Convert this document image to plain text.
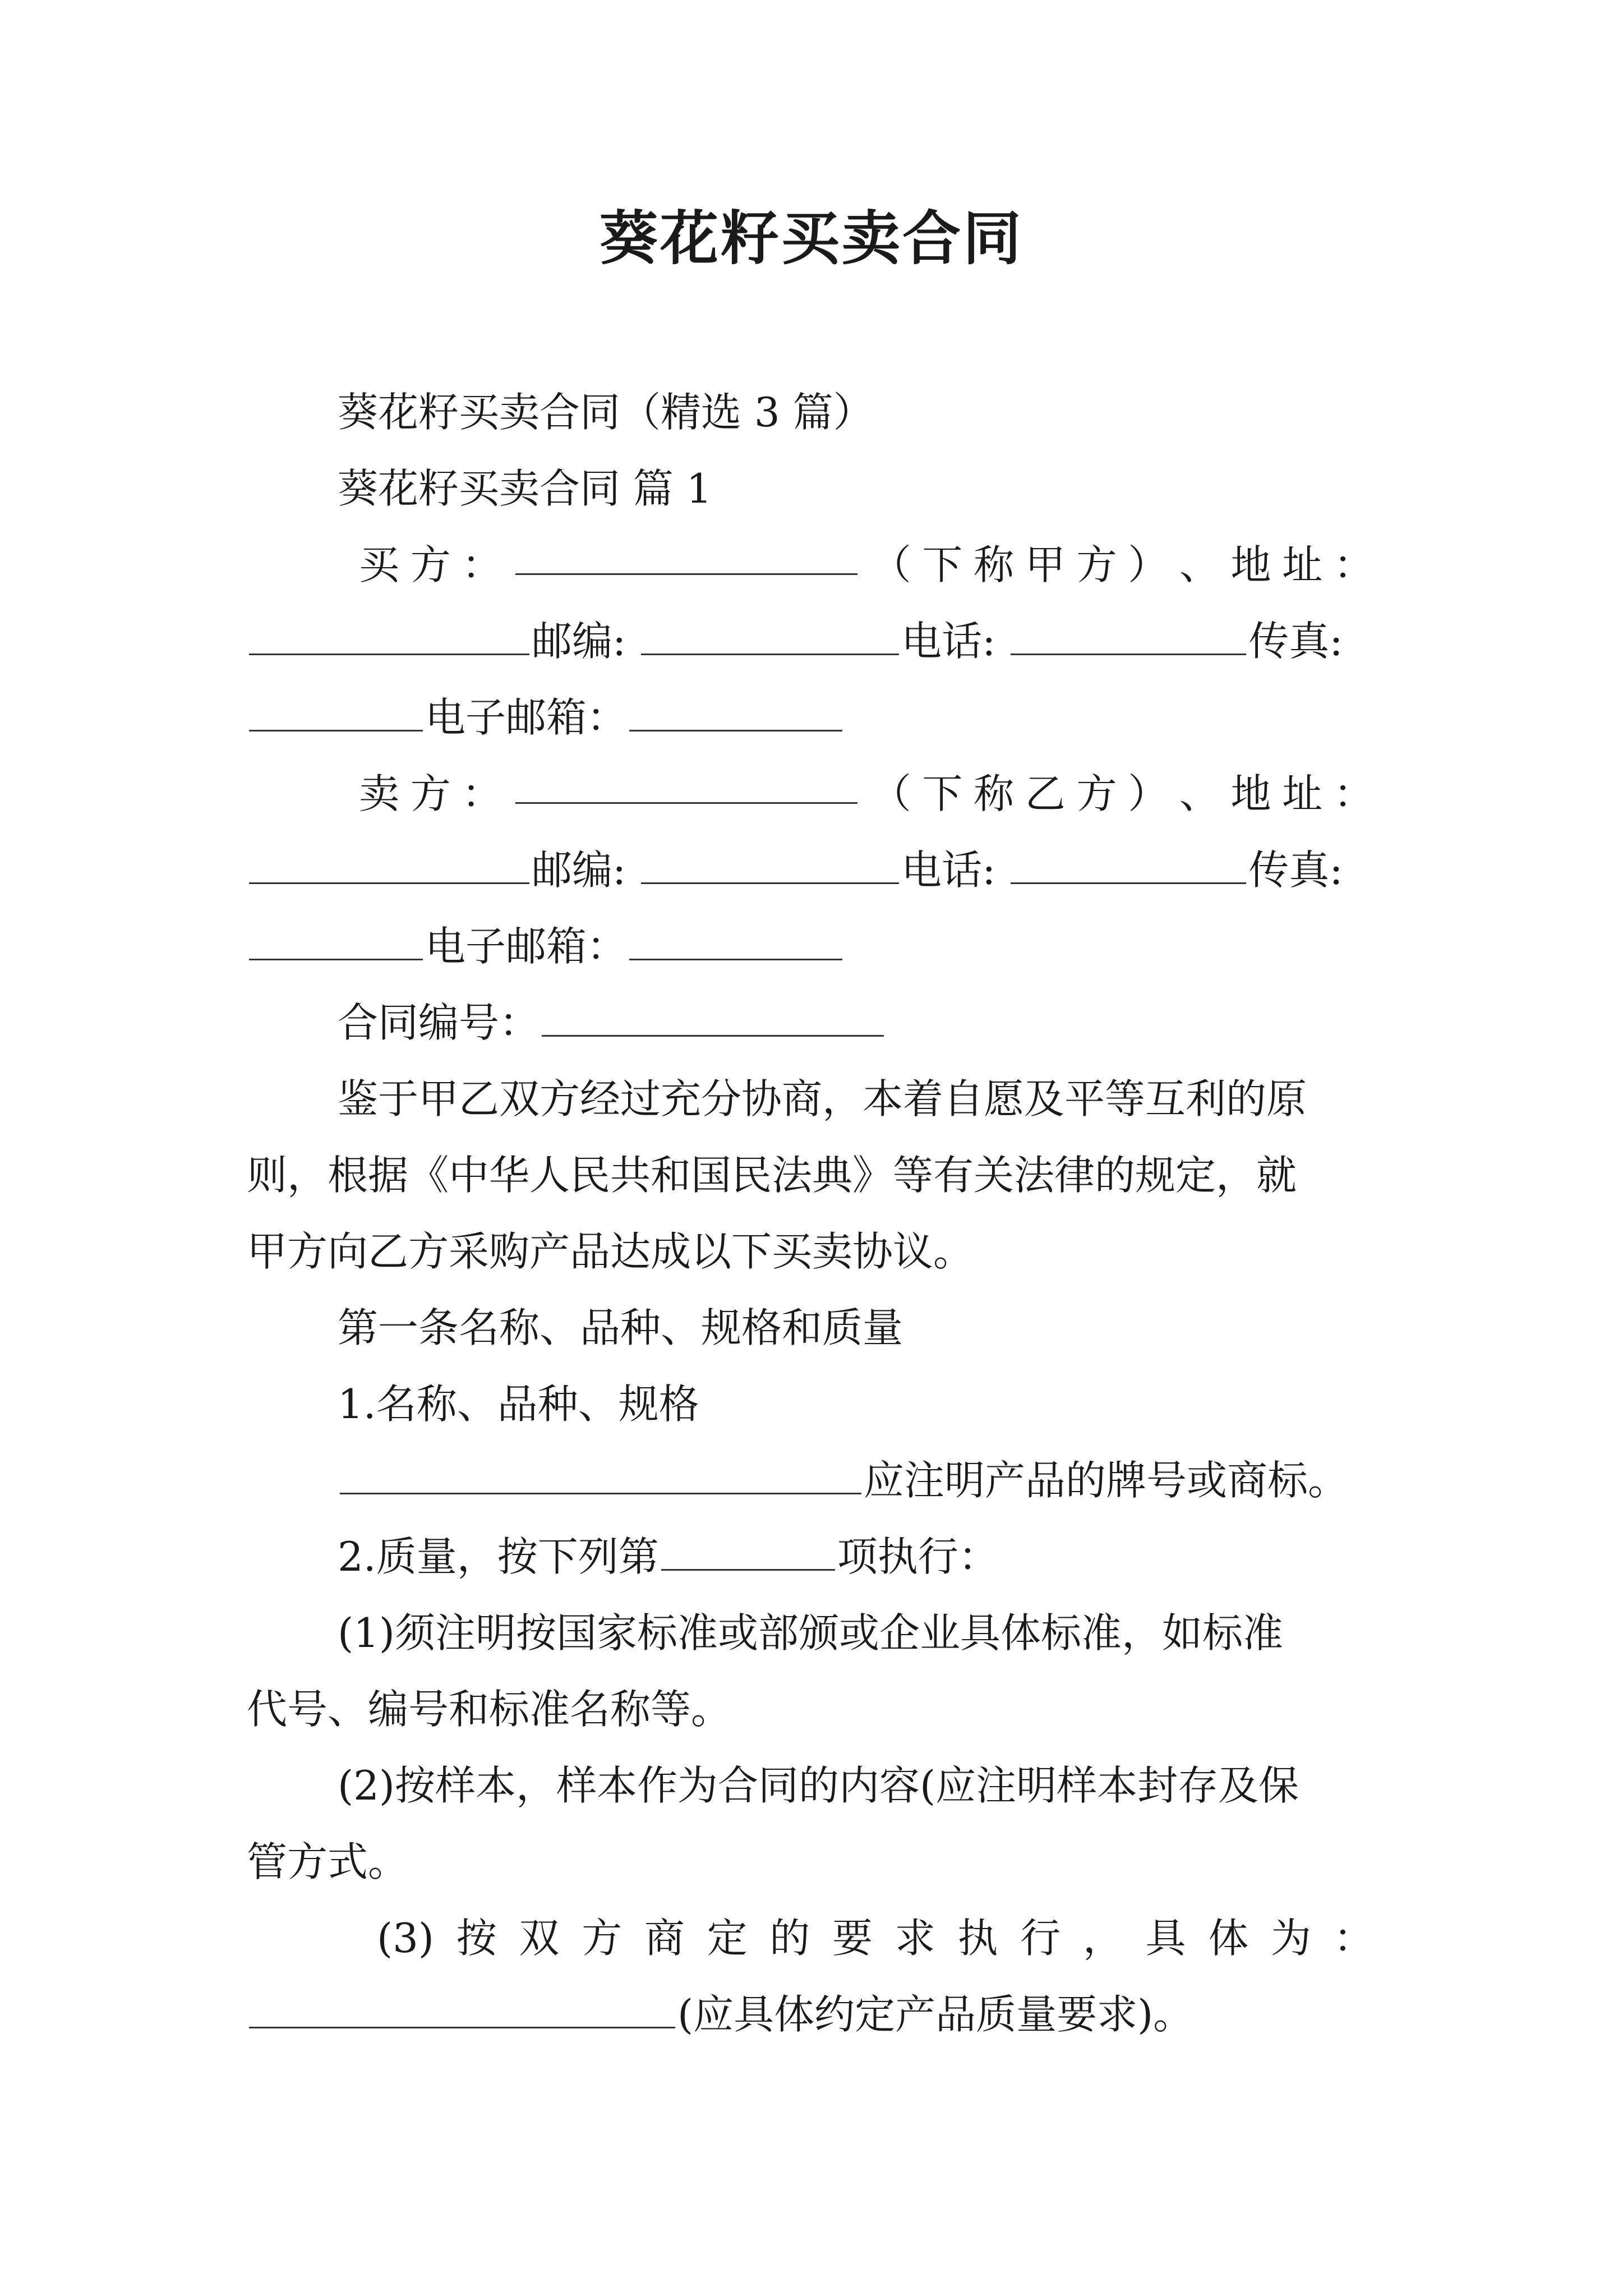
葵花籽买卖合同
葵花籽买卖合同（精选 3 篇）
葵花籽买卖合同 篇 1
买 方 ：	（ 下 称 甲 方 ） 、 地 址 ：
邮编:	电话:	传真:
电子邮箱：
卖 方 ：	（ 下 称 乙 方 ） 、 地 址 ：
邮编:	电话:	传真:
电子邮箱：
合同编号：
鉴于甲乙双方经过充分协商，本着自愿及平等互利的原
则，根据《中华人民共和国民法典》等有关法律的规定，就
甲方向乙方采购产品达成以下买卖协议。
第一条名称、品种、规格和质量
1.名称、品种、规格
应注明产品的牌号或商标。
2.质量，按下列第	项执行：
(1)须注明按国家标准或部颁或企业具体标准，如标准
代号、编号和标准名称等。
(2)按样本，样本作为合同的内容(应注明样本封存及保
管方式。
(3) 按 双 方 商 定 的 要 求 执 行 ， 具 体 为 ：
(应具体约定产品质量要求)。
